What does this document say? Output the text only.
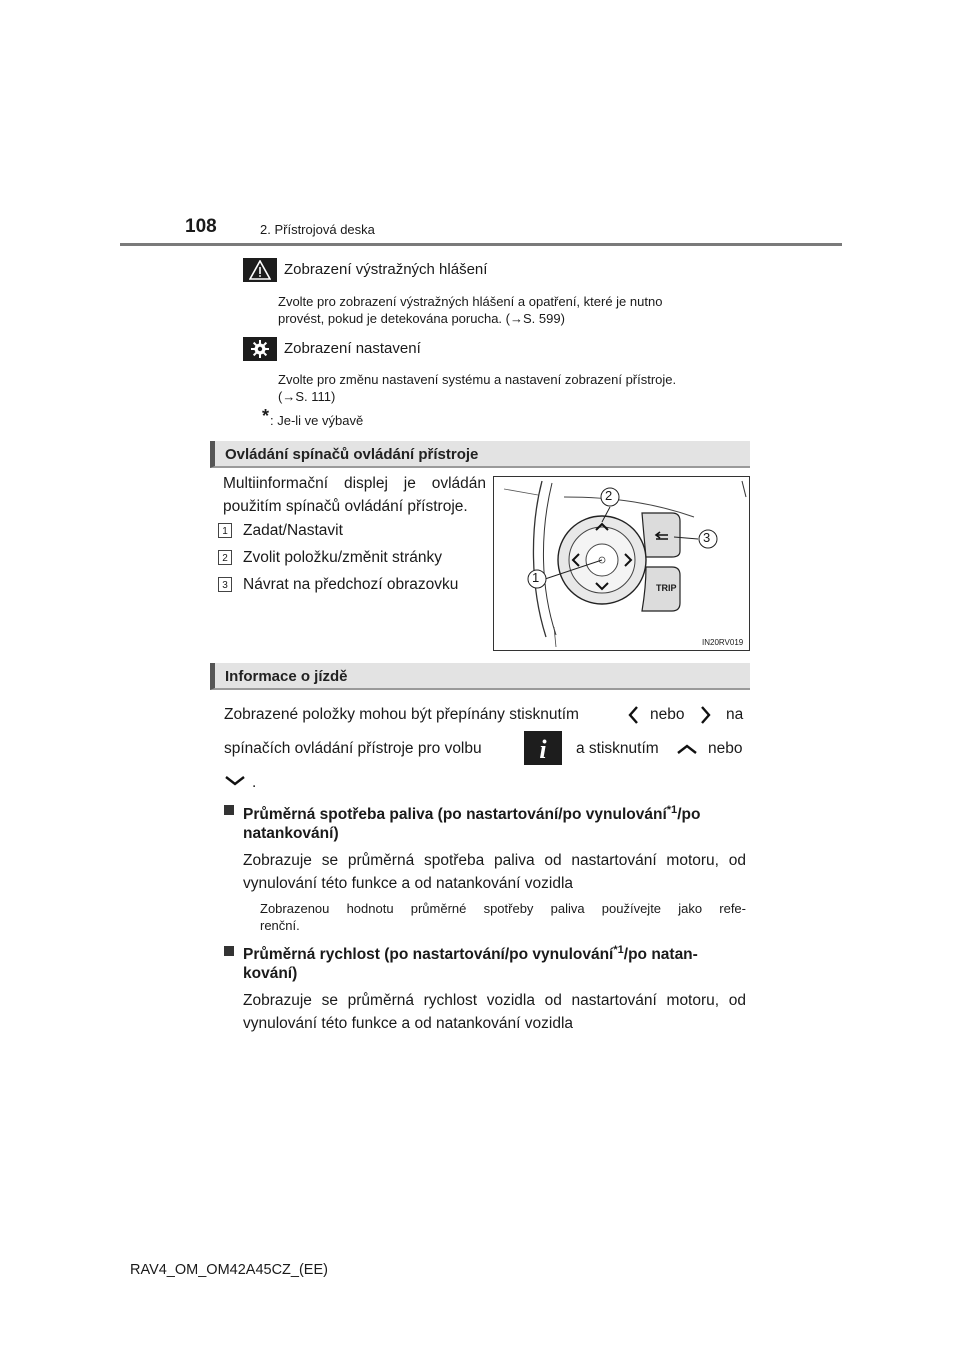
108	2. Přístrojová deska
Zobrazení výstražných hlášení
Zvolte pro zobrazení výstražných hlášení a opatření, které je nutno
provést, pokud je detekována porucha. (→S. 599)
Zobrazení nastavení
Zvolte pro změnu nastavení systému a nastavení zobrazení přístroje.
(→S. 111)
* : Je-li ve výbavě
Ovládání spínačů ovládání přístroje
Multiinformační displej je ovládán
použitím spínačů ovládání přístroje.
1 Zadat/Nastavit
2 Zvolit položku/změnit stránky
3 Návrat na předchozí obrazovku
2
1
3
TRIP
IN20RV019
Informace o jízdě
Zobrazené položky mohou být přepínány stisknutím	nebo	na
spínačích ovládání přístroje pro volbu i a stisknutím	nebo
.
Průměrná spotřeba paliva (po nastartování/po vynulování$^{*1}$/po
natankování)
Zobrazuje se průměrná spotřeba paliva od nastartování motoru, od
vynulování této funkce a od natankování vozidla
Zobrazenou hodnotu průměrné spotřeby paliva používejte jako refe-
renční.
Průměrná rychlost (po nastartování/po vynulování$^{*1}$/po natan-
kování)
Zobrazuje se průměrná rychlost vozidla od nastartování motoru, od
vynulování této funkce a od natankování vozidla
RAV4_OM_OM42A45CZ_(EE)
